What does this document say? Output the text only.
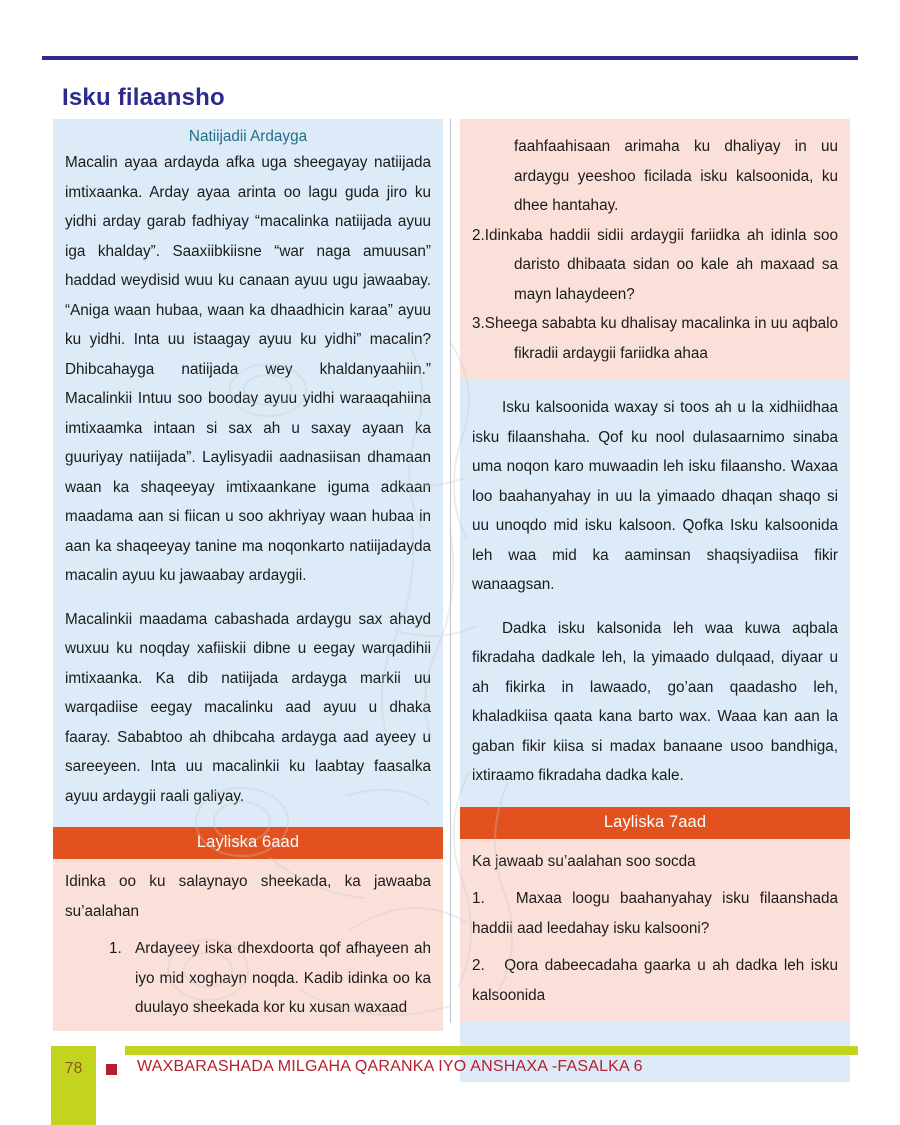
Isku filaansho
Natiijadii Ardayga

Macalin ayaa ardayda afka uga sheegayay natiijada imtixaanka. Arday ayaa arinta oo lagu guda jiro ku yidhi arday garab fadhiyay “macalinka natiijada ayuu iga khalday”. Saaxiibkiisne “war naga amuusan” haddad weydisid wuu ku canaan ayuu ugu jawaabay. “Aniga waan hubaa, waan ka dhaadhicin karaa” ayuu ku yidhi. Inta uu istaagay ayuu ku yidhi” macalin? Dhibcahayga natiijada wey khaldanyaahiin.” Macalinkii Intuu soo booday ayuu yidhi waraaqahiina imtixaamka intaan si sax ah u saxay ayaan ka guuriyay natiijada”. Laylisyadii aadnasiisan dhamaan waan ka shaqeeyay imtixaankane iguma adkaan maadama aan si fiican u soo akhriyay waan hubaa in aan ka shaqeeyay tanine ma noqonkarto natiijadayda macalin ayuu ku jawaabay ardaygii.

Macalinkii maadama cabashada ardaygu sax ahayd wuxuu ku noqday xafiiskii dibne u eegay warqadihii imtixaanka. Ka dib natiijada ardayga markii uu warqadiise eegay macalinku aad ayuu u dhaka faaray. Sababtoo ah dhibcaha ardayga aad ayeey u sareeyeen. Inta uu macalinkii ku laabtay faasalka ayuu ardaygii raali galiyay.

Layliska 6aad

Idinka oo ku salaynayo sheekada, ka jawaaba su’aalahan

1. Ardayeey iska dhexdoorta qof afhayeen ah iyo mid xoghayn noqda. Kadib idinka oo ka duulayo sheekada kor ku xusan waxaad

faahfaahisaan arimaha ku dhaliyay in uu ardaygu yeeshoo ficilada isku kalsoonida, ku dhee hantahay.

2.Idinkaba haddii sidii ardaygii fariidka ah idinla soo daristo dhibaata sidan oo kale ah maxaad sa mayn lahaydeen?

3.Sheega sababta ku dhalisay macalinka in uu aqbalo fikradii ardaygii fariidka ahaa

Isku kalsoonida waxay si toos ah u la xidhiidhaa isku filaanshaha. Qof ku nool dulasaarnimo sinaba uma noqon karo muwaadin leh isku filaansho. Waxaa loo baahanyahay in uu la yimaado dhaqan shaqo si uu unoqdo mid isku kalsoon. Qofka Isku kalsoonida leh waa mid ka aaminsan shaqsiyadiisa fikir wanaagsan.

Dadka isku kalsonida leh waa kuwa aqbala fikradaha dadkale leh, la yimaado dulqaad, diyaar u ah fikirka in lawaado, go’aan qaadasho leh, khaladkiisa qaata kana barto wax. Waaa kan aan la gaban fikir kiisa si madax banaane usoo bandhiga, ixtiraamo fikradaha dadka kale.

Layliska 7aad

Ka jawaab su’aalahan soo socda

1. Maxaa loogu baahanyahay isku filaanshada haddii aad leedahay isku kalsooni?

2. Qora dabeecadaha gaarka u ah dadka leh isku kalsoonida

78	WAXBARASHADA MILGAHA QARANKA IYO ANSHAXA -FASALKA 6
